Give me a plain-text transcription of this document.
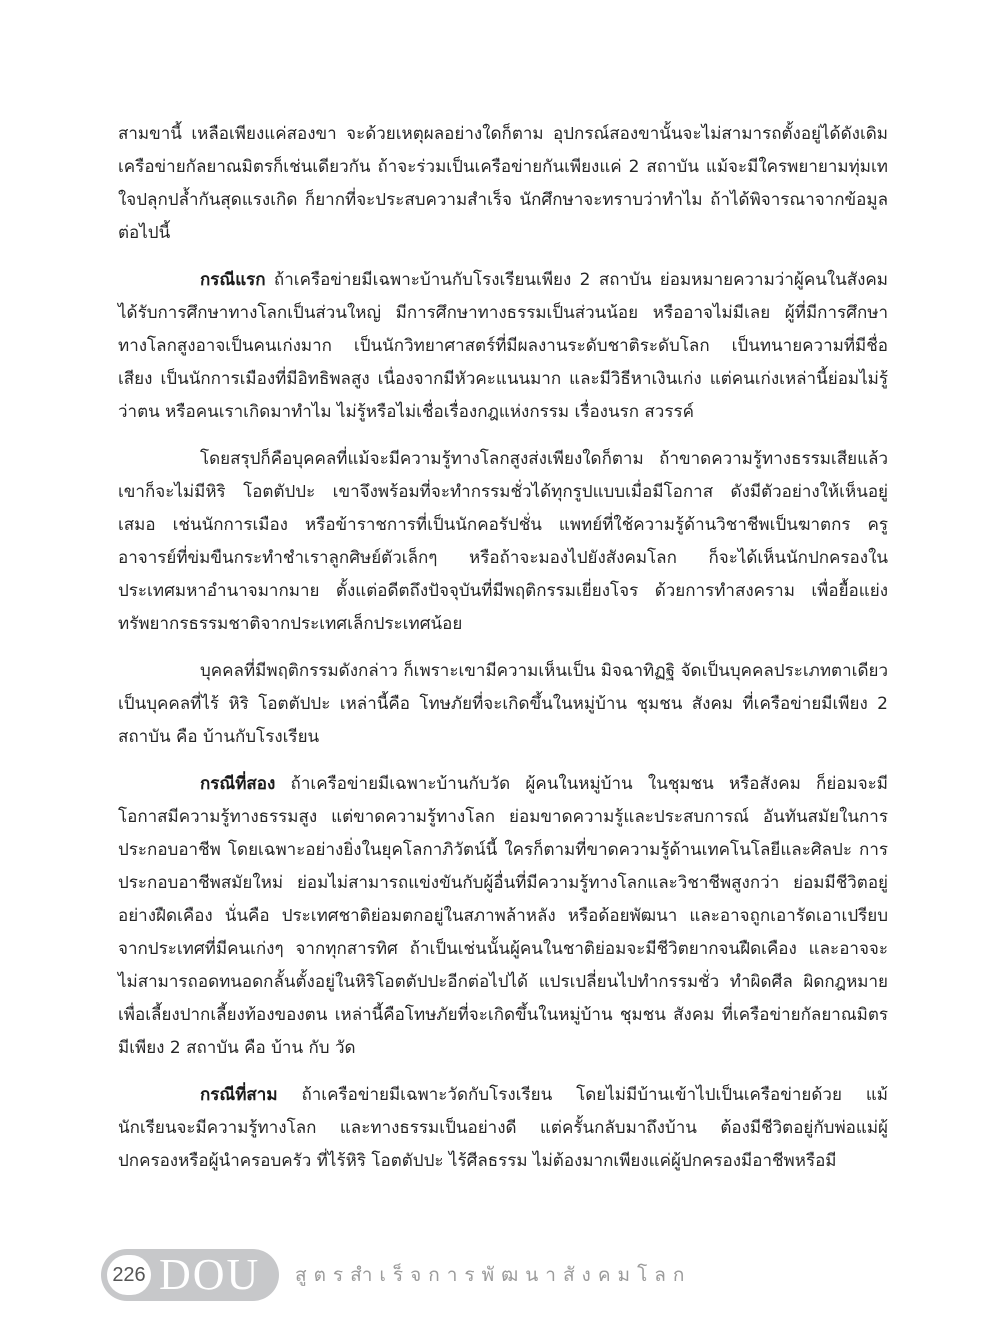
สามขานี้ เหลือเพียงแค่สองขา จะด้วยเหตุผลอย่างใดก็ตาม อุปกรณ์สองขานั้นจะไม่สามารถตั้งอยู่ได้ดังเดิม เครือข่ายกัลยาณมิตรก็เช่นเดียวกัน ถ้าจะร่วมเป็นเครือข่ายกันเพียงแค่ 2 สถาบัน แม้จะมีใครพยายามทุ่มเทใจปลุกปล้ำกันสุดแรงเกิด ก็ยากที่จะประสบความสำเร็จ นักศึกษาจะทราบว่าทำไม ถ้าได้พิจารณาจากข้อมูลต่อไปนี้

กรณีแรก ถ้าเครือข่ายมีเฉพาะบ้านกับโรงเรียนเพียง 2 สถาบัน ย่อมหมายความว่าผู้คนในสังคมได้รับการศึกษาทางโลกเป็นส่วนใหญ่ มีการศึกษาทางธรรมเป็นส่วนน้อย หรืออาจไม่มีเลย ผู้ที่มีการศึกษาทางโลกสูงอาจเป็นคนเก่งมาก เป็นนักวิทยาศาสตร์ที่มีผลงานระดับชาติระดับโลก เป็นทนายความที่มีชื่อเสียง เป็นนักการเมืองที่มีอิทธิพลสูง เนื่องจากมีหัวคะแนนมาก และมีวิธีหาเงินเก่ง แต่คนเก่งเหล่านี้ย่อมไม่รู้ว่าตน หรือคนเราเกิดมาทำไม ไม่รู้หรือไม่เชื่อเรื่องกฎแห่งกรรม เรื่องนรก สวรรค์

โดยสรุปก็คือบุคคลที่แม้จะมีความรู้ทางโลกสูงส่งเพียงใดก็ตาม ถ้าขาดความรู้ทางธรรมเสียแล้ว เขาก็จะไม่มีหิริ โอตตัปปะ เขาจึงพร้อมที่จะทำกรรมชั่วได้ทุกรูปแบบเมื่อมีโอกาส ดังมีตัวอย่างให้เห็นอยู่เสมอ เช่นนักการเมือง หรือข้าราชการที่เป็นนักคอรัปชั่น แพทย์ที่ใช้ความรู้ด้านวิชาชีพเป็นฆาตกร ครูอาจารย์ที่ข่มขืนกระทำชำเราลูกศิษย์ตัวเล็กๆ หรือถ้าจะมองไปยังสังคมโลก ก็จะได้เห็นนักปกครองในประเทศมหาอำนาจมากมาย ตั้งแต่อดีตถึงปัจจุบันที่มีพฤติกรรมเยี่ยงโจร ด้วยการทำสงคราม เพื่อยื้อแย่งทรัพยากรธรรมชาติจากประเทศเล็กประเทศน้อย

บุคคลที่มีพฤติกรรมดังกล่าว ก็เพราะเขามีความเห็นเป็น มิจฉาทิฏฐิ จัดเป็นบุคคลประเภทตาเดียว เป็นบุคคลที่ไร้ หิริ โอตตัปปะ เหล่านี้คือ โทษภัยที่จะเกิดขึ้นในหมู่บ้าน ชุมชน สังคม ที่เครือข่ายมีเพียง 2 สถาบัน คือ บ้านกับโรงเรียน

กรณีที่สอง ถ้าเครือข่ายมีเฉพาะบ้านกับวัด ผู้คนในหมู่บ้าน ในชุมชน หรือสังคม ก็ย่อมจะมีโอกาสมีความรู้ทางธรรมสูง แต่ขาดความรู้ทางโลก ย่อมขาดความรู้และประสบการณ์ อันทันสมัยในการประกอบอาชีพ โดยเฉพาะอย่างยิ่งในยุคโลกาภิวัตน์นี้ ใครก็ตามที่ขาดความรู้ด้านเทคโนโลยีและศิลปะ การประกอบอาชีพสมัยใหม่ ย่อมไม่สามารถแข่งขันกับผู้อื่นที่มีความรู้ทางโลกและวิชาชีพสูงกว่า ย่อมมีชีวิตอยู่อย่างฝืดเคือง นั่นคือ ประเทศชาติย่อมตกอยู่ในสภาพล้าหลัง หรือด้อยพัฒนา และอาจถูกเอารัดเอาเปรียบจากประเทศที่มีคนเก่งๆ จากทุกสารทิศ ถ้าเป็นเช่นนั้นผู้คนในชาติย่อมจะมีชีวิตยากจนฝืดเคือง และอาจจะไม่สามารถอดทนอดกลั้นตั้งอยู่ในหิริโอตตัปปะอีกต่อไปได้ แปรเปลี่ยนไปทำกรรมชั่ว ทำผิดศีล ผิดกฎหมาย เพื่อเลี้ยงปากเลี้ยงท้องของตน เหล่านี้คือโทษภัยที่จะเกิดขึ้นในหมู่บ้าน ชุมชน สังคม ที่เครือข่ายกัลยาณมิตรมีเพียง 2 สถาบัน คือ บ้าน กับ วัด

กรณีที่สาม ถ้าเครือข่ายมีเฉพาะวัดกับโรงเรียน โดยไม่มีบ้านเข้าไปเป็นเครือข่ายด้วย แม้นักเรียนจะมีความรู้ทางโลก และทางธรรมเป็นอย่างดี แต่ครั้นกลับมาถึงบ้าน ต้องมีชีวิตอยู่กับพ่อแม่ผู้ปกครองหรือผู้นำครอบครัว ที่ไร้หิริ โอตตัปปะ ไร้ศีลธรรม ไม่ต้องมากเพียงแค่ผู้ปกครองมีอาชีพหรือมี

226 DOU สูตรสำเร็จการพัฒนาสังคมโลก
